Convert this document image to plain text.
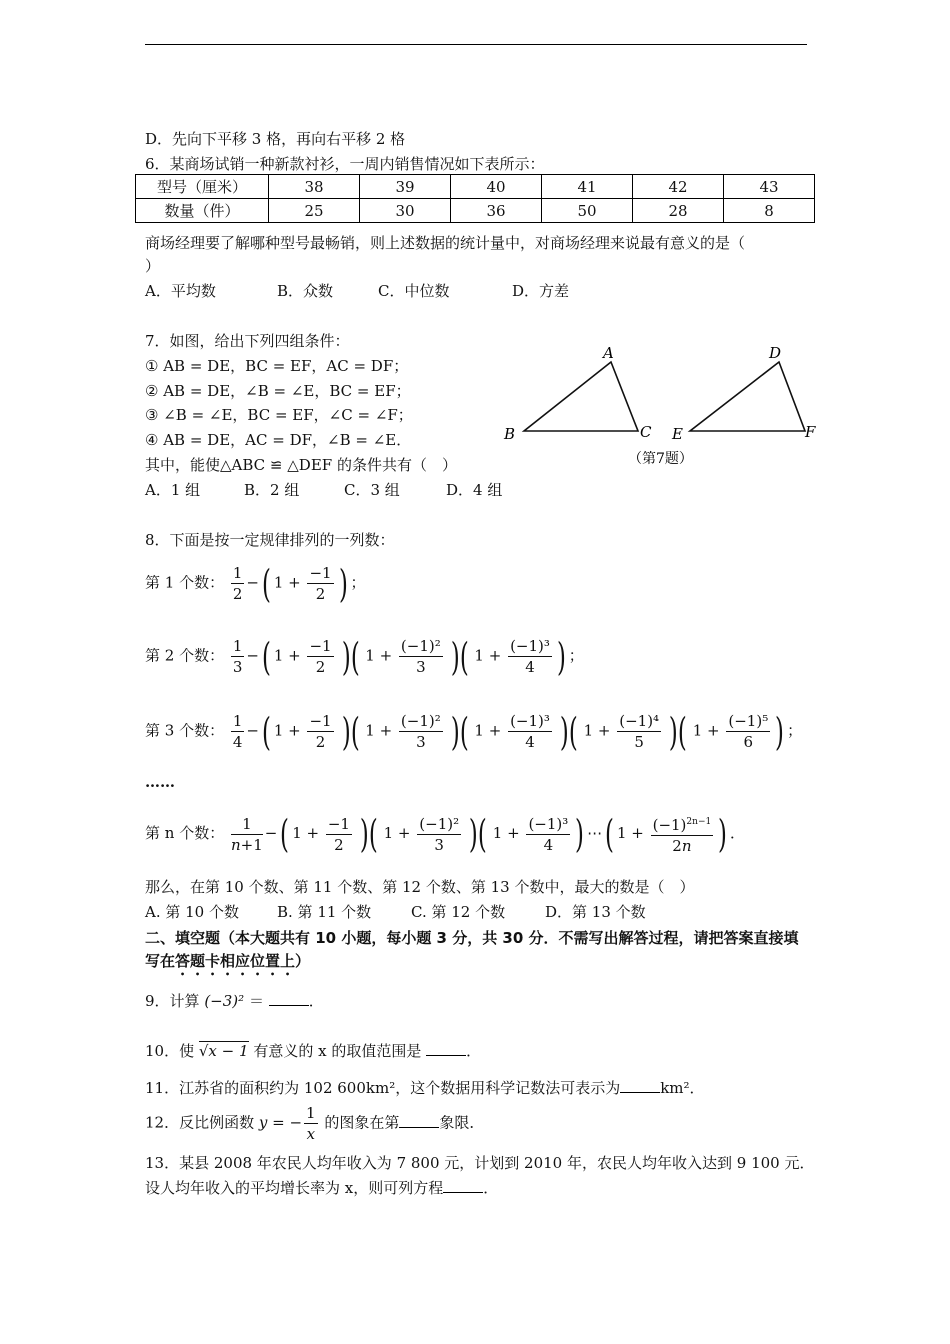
D．先向下平移 3 格，再向右平移 2 格
6．某商场试销一种新款衬衫，一周内销售情况如下表所示：
型号（厘米）	38	39	40	41	42	43
数量（件）	25	30	36	50	28	8
商场经理要了解哪种型号最畅销，则上述数据的统计量中，对商场经理来说最有意义的是（
）
A．平均数	B．众数	C．中位数	D．方差
7．如图，给出下列四组条件：
① AB = DE，BC = EF，AC = DF；
② AB = DE，∠B = ∠E，BC = EF；
③ ∠B = ∠E，BC = EF，∠C = ∠F；
④ AB = DE，AC = DF，∠B = ∠E．
其中，能使△ABC ≌ △DEF 的条件共有（　）
A．1 组	B．2 组	C．3 组	D．4 组
A
B	C
D
E	F
（第7题）
8．下面是按一定规律排列的一列数：
第 1 个数： $\frac{1}{2}$ −( $1 + \frac{-1}{2}$ ) ；
第 2 个数： $\frac{1}{3}$ −( $1 + \frac{-1}{2}$ )( $1 + \frac{\text{(−1)²}}{3}$ )( $1 + \frac{\text{(−1)³}}{4}$ ) ；
第 3 个数： $\frac{1}{4}$ −( $1 + \frac{-1}{2}$ )( $1 + \frac{\text{(−1)²}}{3}$ )( $1 + \frac{\text{(−1)³}}{4}$ )( $1 + \frac{\text{(−1)⁴}}{5}$ )( $1 + \frac{\text{(−1)⁵}}{6}$ ) ；
……
第 n 个数： $\frac{1}{n+1}$ −( $1 + \frac{-1}{2}$ )( $1 + \frac{\text{(−1)²}}{3}$ )( $1 + \frac{\text{(−1)³}}{4}$ ) ⋯( $1 + \frac{(-1)^{2n-1}}{2n}$ ) ．
那么，在第 10 个数、第 11 个数、第 12 个数、第 13 个数中，最大的数是（　）
A. 第 10 个数	B. 第 11 个数	C. 第 12 个数	D．第 13 个数
二、填空题（本大题共有 10 小题，每小题 3 分，共 30 分．不需写出解答过程，请把答案直接填
写在答题卡相应位置上）
9．计算 (−3)² ＝	．
10．使 √x − 1 有意义的 x 的取值范围是	．
11．江苏省的面积约为 102 600km²，这个数据用科学记数法可表示为	km²．
12．反比例函数 y = − $\frac{1}{x}$ 的图象在第	象限．
13．某县 2008 年农民人均年收入为 7 800 元，计划到 2010 年，农民人均年收入达到 9 100 元．
设人均年收入的平均增长率为 x，则可列方程	．
